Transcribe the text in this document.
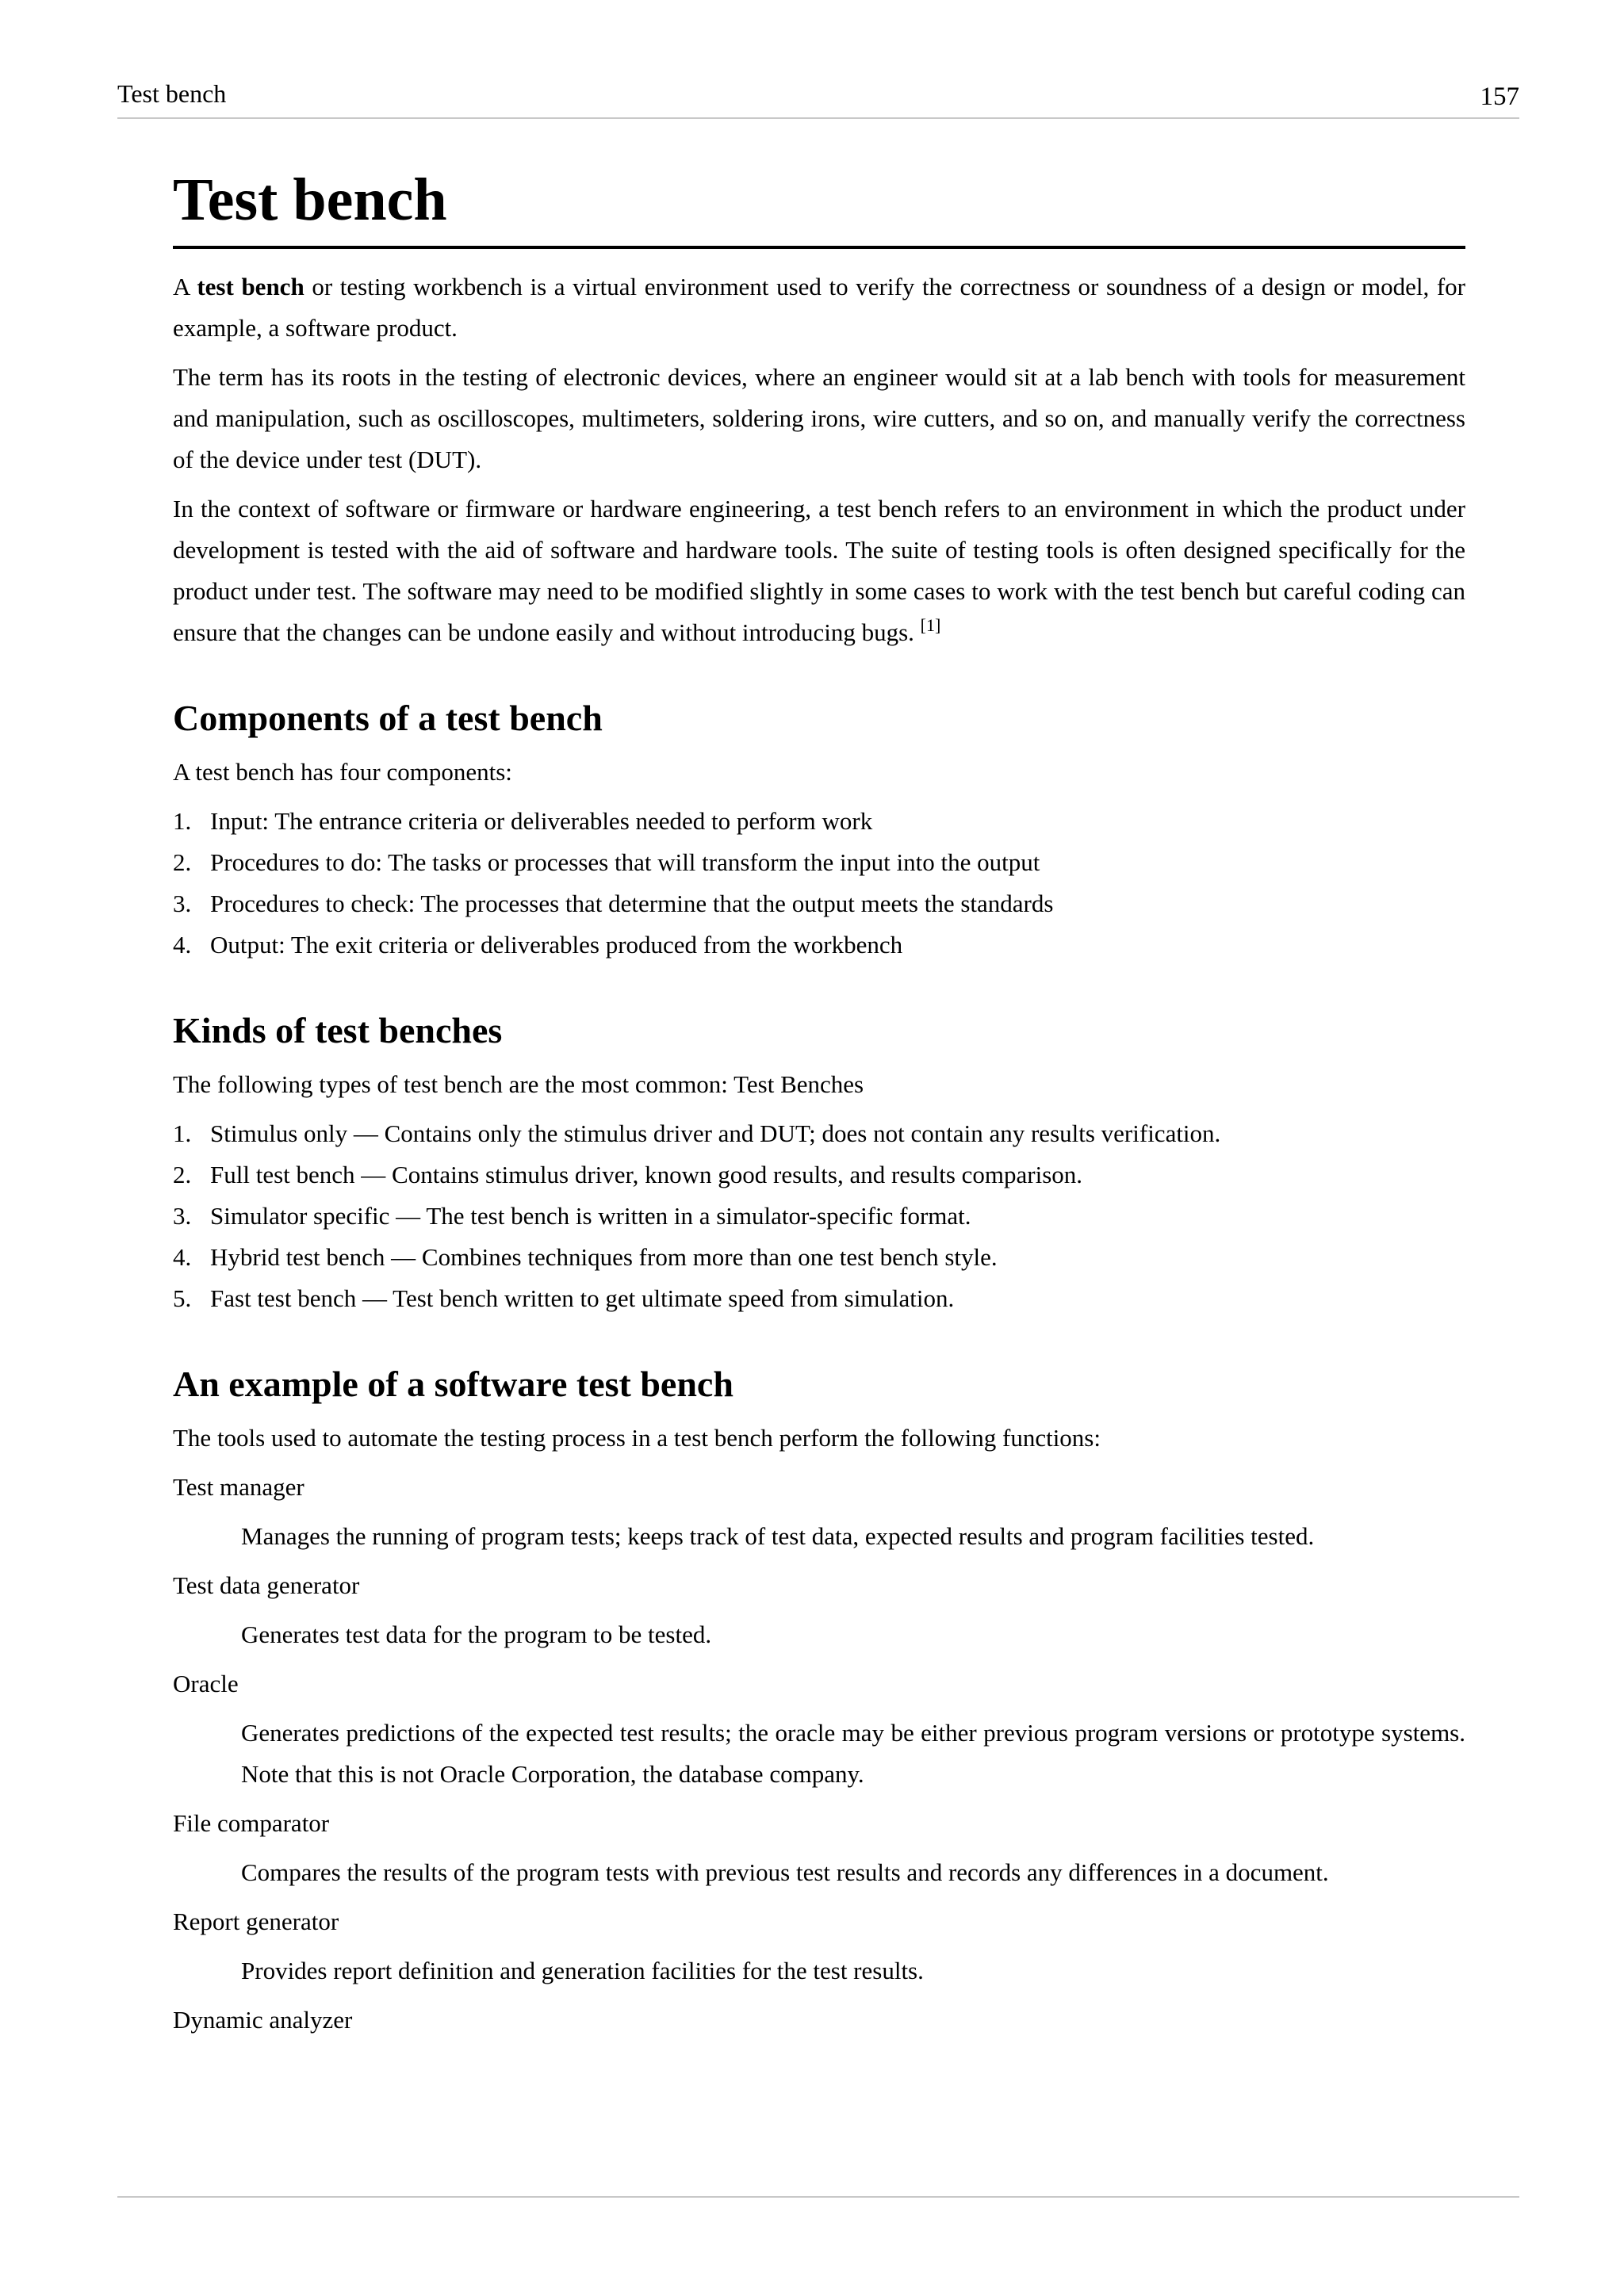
Test bench	157
Test bench

A test bench or testing workbench is a virtual environment used to verify the correctness or soundness of a design or model, for example, a software product.

The term has its roots in the testing of electronic devices, where an engineer would sit at a lab bench with tools for measurement and manipulation, such as oscilloscopes, multimeters, soldering irons, wire cutters, and so on, and manually verify the correctness of the device under test (DUT).

In the context of software or firmware or hardware engineering, a test bench refers to an environment in which the product under development is tested with the aid of software and hardware tools. The suite of testing tools is often designed specifically for the product under test. The software may need to be modified slightly in some cases to work with the test bench but careful coding can ensure that the changes can be undone easily and without introducing bugs. [1]

Components of a test bench

A test bench has four components:

1. Input: The entrance criteria or deliverables needed to perform work
2. Procedures to do: The tasks or processes that will transform the input into the output
3. Procedures to check: The processes that determine that the output meets the standards
4. Output: The exit criteria or deliverables produced from the workbench
Kinds of test benches

The following types of test bench are the most common: Test Benches

1. Stimulus only — Contains only the stimulus driver and DUT; does not contain any results verification.
2. Full test bench — Contains stimulus driver, known good results, and results comparison.
3. Simulator specific — The test bench is written in a simulator-specific format.
4. Hybrid test bench — Combines techniques from more than one test bench style.
5. Fast test bench — Test bench written to get ultimate speed from simulation.
An example of a software test bench

The tools used to automate the testing process in a test bench perform the following functions:

Test manager
Manages the running of program tests; keeps track of test data, expected results and program facilities tested.
Test data generator
Generates test data for the program to be tested.
Oracle
Generates predictions of the expected test results; the oracle may be either previous program versions or prototype systems. Note that this is not Oracle Corporation, the database company.
File comparator
Compares the results of the program tests with previous test results and records any differences in a document.
Report generator
Provides report definition and generation facilities for the test results.
Dynamic analyzer
